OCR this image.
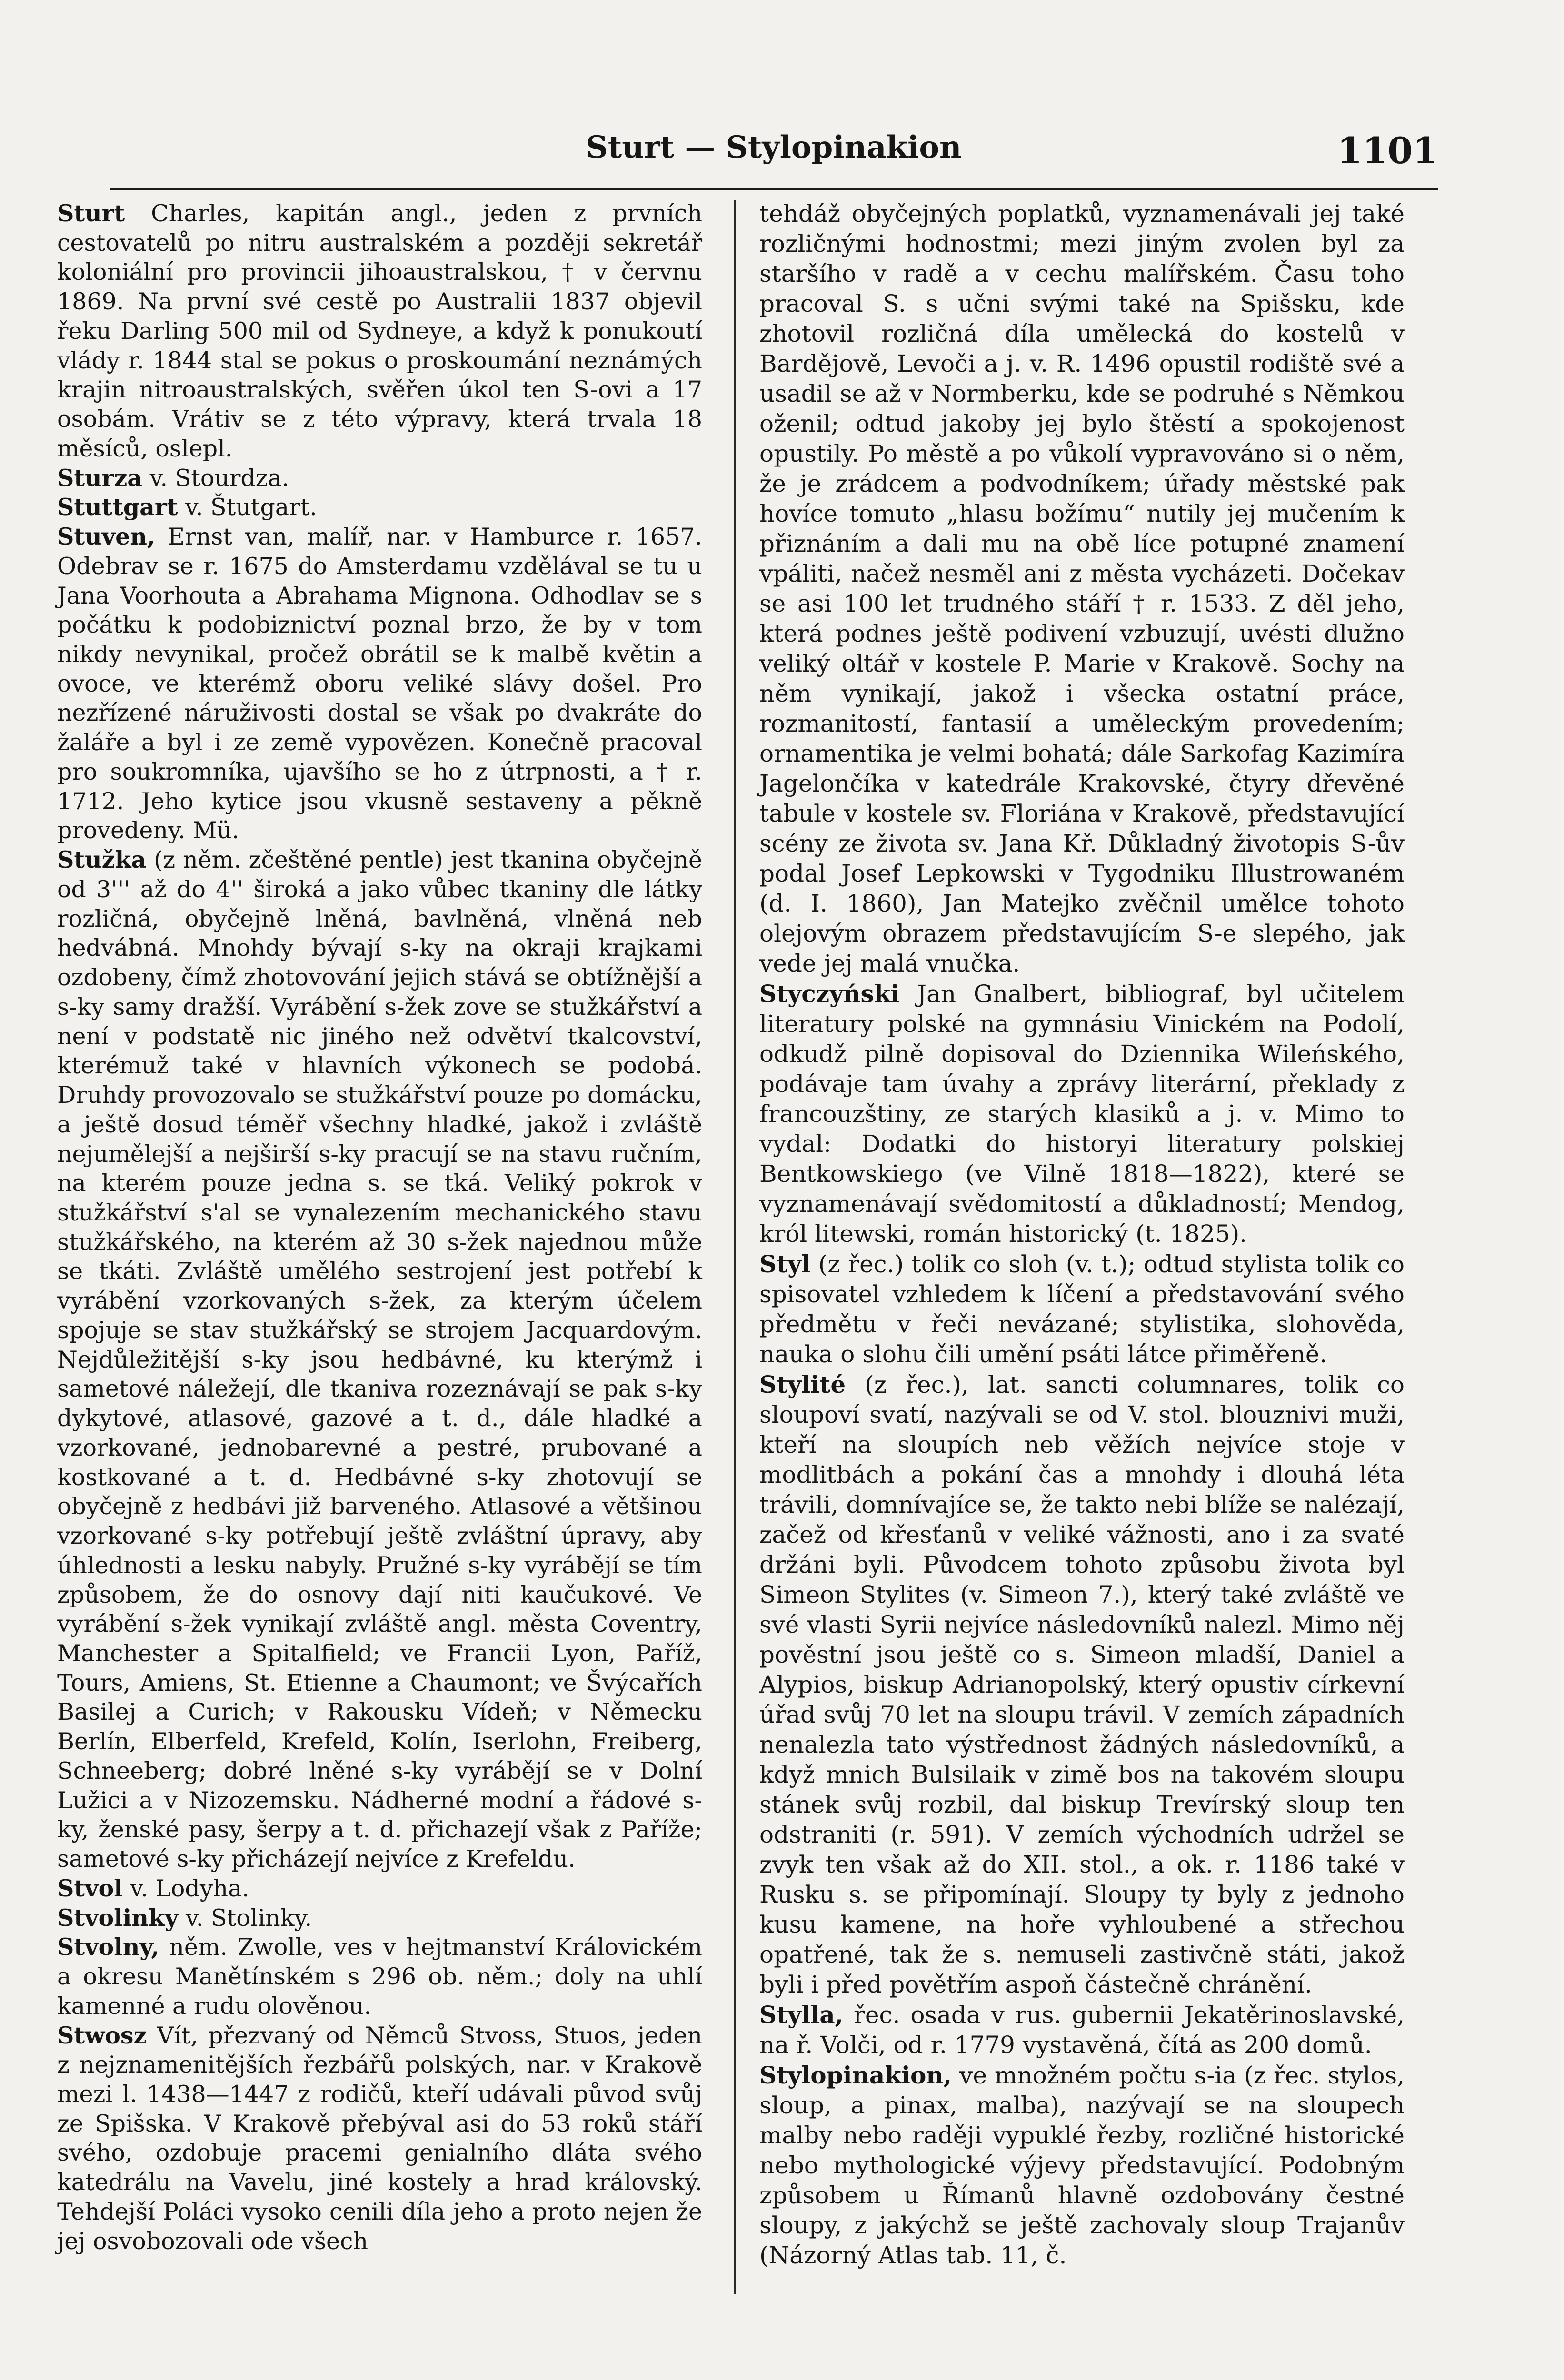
Sturt — Stylopinakion	1101

Sturt Charles, kapitán angl., jeden z prvních cestovatelů po nitru australském a později sekretář koloniální pro provincii jihoaustralskou, † v červnu 1869. Na první své cestě po Australii 1837 objevil řeku Darling 500 mil od Sydneye, a když k ponukoutí vlády r. 1844 stal se pokus o proskoumání neznámých krajin nitroaustralských, svěřen úkol ten S-ovi a 17 osobám. Vrátiv se z této výpravy, která trvala 18 měsíců, oslepl.

Sturza v. Stourdza.

Stuttgart v. Štutgart.

Stuven, Ernst van, malíř, nar. v Hamburce r. 1657. Odebrav se r. 1675 do Amsterdamu vzdělával se tu u Jana Voorhouta a Abrahama Mignona. Odhodlav se s počátku k podobiznictví poznal brzo, že by v tom nikdy nevynikal, pročež obrátil se k malbě květin a ovoce, ve kterémž oboru veliké slávy došel. Pro nezřízené náruživosti dostal se však po dvakráte do žaláře a byl i ze země vypovězen. Konečně pracoval pro soukromníka, ujavšího se ho z útrpnosti, a † r. 1712. Jeho kytice jsou vkusně sestaveny a pěkně provedeny. Mü.

Stužka (z něm. zčeštěné pentle) jest tkanina obyčejně od 3''' až do 4'' široká a jako vůbec tkaniny dle látky rozličná, obyčejně lněná, bavlněná, vlněná neb hedvábná. Mnohdy bývají s-ky na okraji krajkami ozdobeny, čímž zhotovování jejich stává se obtížnější a s-ky samy dražší. Vyrábění s-žek zove se stužkářství a není v podstatě nic jiného než odvětví tkalcovství, kterémuž také v hlavních výkonech se podobá. Druhdy provozovalo se stužkářství pouze po domácku, a ještě dosud téměř všechny hladké, jakož i zvláště nejumělejší a nejširší s-ky pracují se na stavu ručním, na kterém pouze jedna s. se tká. Veliký pokrok v stužkářství s'al se vynalezením mechanického stavu stužkářského, na kterém až 30 s-žek najednou může se tkáti. Zvláště umělého sestrojení jest potřebí k vyrábění vzorkovaných s-žek, za kterým účelem spojuje se stav stužkářský se strojem Jacquardovým. Nejdůležitější s-ky jsou hedbávné, ku kterýmž i sametové náležejí, dle tkaniva rozeznávají se pak s-ky dykytové, atlasové, gazové a t. d., dále hladké a vzorkované, jednobarevné a pestré, prubované a kostkované a t. d. Hedbávné s-ky zhotovují se obyčejně z hedbávi již barveného. Atlasové a většinou vzorkované s-ky potřebují ještě zvláštní úpravy, aby úhlednosti a lesku nabyly. Pružné s-ky vyrábějí se tím způsobem, že do osnovy dají niti kaučukové. Ve vyrábění s-žek vynikají zvláště angl. města Coventry, Manchester a Spitalfield; ve Francii Lyon, Paříž, Tours, Amiens, St. Etienne a Chaumont; ve Švýcařích Basilej a Curich; v Rakousku Vídeň; v Německu Berlín, Elberfeld, Krefeld, Kolín, Iserlohn, Freiberg, Schneeberg; dobré lněné s-ky vyrábějí se v Dolní Lužici a v Nizozemsku. Nádherné modní a řádové s-ky, ženské pasy, šerpy a t. d. přichazejí však z Paříže; sametové s-ky přicházejí nejvíce z Krefeldu.

Stvol v. Lodyha.

Stvolinky v. Stolinky.

Stvolny, něm. Zwolle, ves v hejtmanství Královickém a okresu Manětínském s 296 ob. něm.; doly na uhlí kamenné a rudu olověnou.

Stwosz Vít, přezvaný od Němců Stvoss, Stuos, jeden z nejznamenitějších řezbářů polských, nar. v Krakově mezi l. 1438—1447 z rodičů, kteří udávali původ svůj ze Spišska. V Krakově přebýval asi do 53 roků stáří svého, ozdobuje pracemi genialního dláta svého katedrálu na Vavelu, jiné kostely a hrad královský. Tehdejší Poláci vysoko cenili díla jeho a proto nejen že jej osvobozovali ode všech

tehdáž obyčejných poplatků, vyznamenávali jej také rozličnými hodnostmi; mezi jiným zvolen byl za staršího v radě a v cechu malířském. Času toho pracoval S. s učni svými také na Spišsku, kde zhotovil rozličná díla umělecká do kostelů v Bardějově, Levoči a j. v. R. 1496 opustil rodiště své a usadil se až v Normberku, kde se podruhé s Němkou oženil; odtud jakoby jej bylo štěstí a spokojenost opustily. Po městě a po vůkolí vypravováno si o něm, že je zrádcem a podvodníkem; úřady městské pak hovíce tomuto „hlasu božímu“ nutily jej mučením k přiznáním a dali mu na obě líce potupné znamení vpáliti, načež nesměl ani z města vycházeti. Dočekav se asi 100 let trudného stáří † r. 1533. Z děl jeho, která podnes ještě podivení vzbuzují, uvésti dlužno veliký oltář v kostele P. Marie v Krakově. Sochy na něm vynikají, jakož i všecka ostatní práce, rozmanitostí, fantasií a uměleckým provedením; ornamentika je velmi bohatá; dále Sarkofag Kazimíra Jagelončíka v katedrále Krakovské, čtyry dřevěné tabule v kostele sv. Floriána v Krakově, představující scény ze života sv. Jana Kř. Důkladný životopis S-ův podal Josef Lepkowski v Tygodniku Illustrowaném (d. I. 1860), Jan Matejko zvěčnil umělce tohoto olejovým obrazem představujícím S-e slepého, jak vede jej malá vnučka.

Styczyński Jan Gnalbert, bibliograf, byl učitelem literatury polské na gymnásiu Vinickém na Podolí, odkudž pilně dopisoval do Dziennika Wileńského, podávaje tam úvahy a zprávy literární, překlady z francouzštiny, ze starých klasiků a j. v. Mimo to vydal: Dodatki do historyi literatury polskiej Bentkowskiego (ve Vilně 1818—1822), které se vyznamenávají svědomitostí a důkladností; Mendog, król litewski, román historický (t. 1825).

Styl (z řec.) tolik co sloh (v. t.); odtud stylista tolik co spisovatel vzhledem k líčení a představování svého předmětu v řeči nevázané; stylistika, slohověda, nauka o slohu čili umění psáti látce přiměřeně.

Stylité (z řec.), lat. sancti columnares, tolik co sloupoví svatí, nazývali se od V. stol. blouznivi muži, kteří na sloupích neb věžích nejvíce stoje v modlitbách a pokání čas a mnohdy i dlouhá léta trávili, domnívajíce se, že takto nebi blíže se nalézají, začež od křesťanů v veliké vážnosti, ano i za svaté držáni byli. Původcem tohoto způsobu života byl Simeon Stylites (v. Simeon 7.), který také zvláště ve své vlasti Syrii nejvíce následovníků nalezl. Mimo něj pověstní jsou ještě co s. Simeon mladší, Daniel a Alypios, biskup Adrianopolský, který opustiv církevní úřad svůj 70 let na sloupu trávil. V zemích západních nenalezla tato výstřednost žádných následovníků, a když mnich Bulsilaik v zimě bos na takovém sloupu stánek svůj rozbil, dal biskup Trevírský sloup ten odstraniti (r. 591). V zemích východních udržel se zvyk ten však až do XII. stol., a ok. r. 1186 také v Rusku s. se připomínají. Sloupy ty byly z jednoho kusu kamene, na hoře vyhloubené a střechou opatřené, tak že s. nemuseli zastivčně státi, jakož byli i před povětřím aspoň částečně chránění.

Stylla, řec. osada v rus. gubernii Jekatěrinoslavské, na ř. Volči, od r. 1779 vystavěná, čítá as 200 domů.

Stylopinakion, ve množném počtu s-ia (z řec. stylos, sloup, a pinax, malba), nazývají se na sloupech malby nebo raději vypuklé řezby, rozličné historické nebo mythologické výjevy představující. Podobným způsobem u Římanů hlavně ozdobovány čestné sloupy, z jakýchž se ještě zachovaly sloup Trajanův (Názorný Atlas tab. 11, č.
